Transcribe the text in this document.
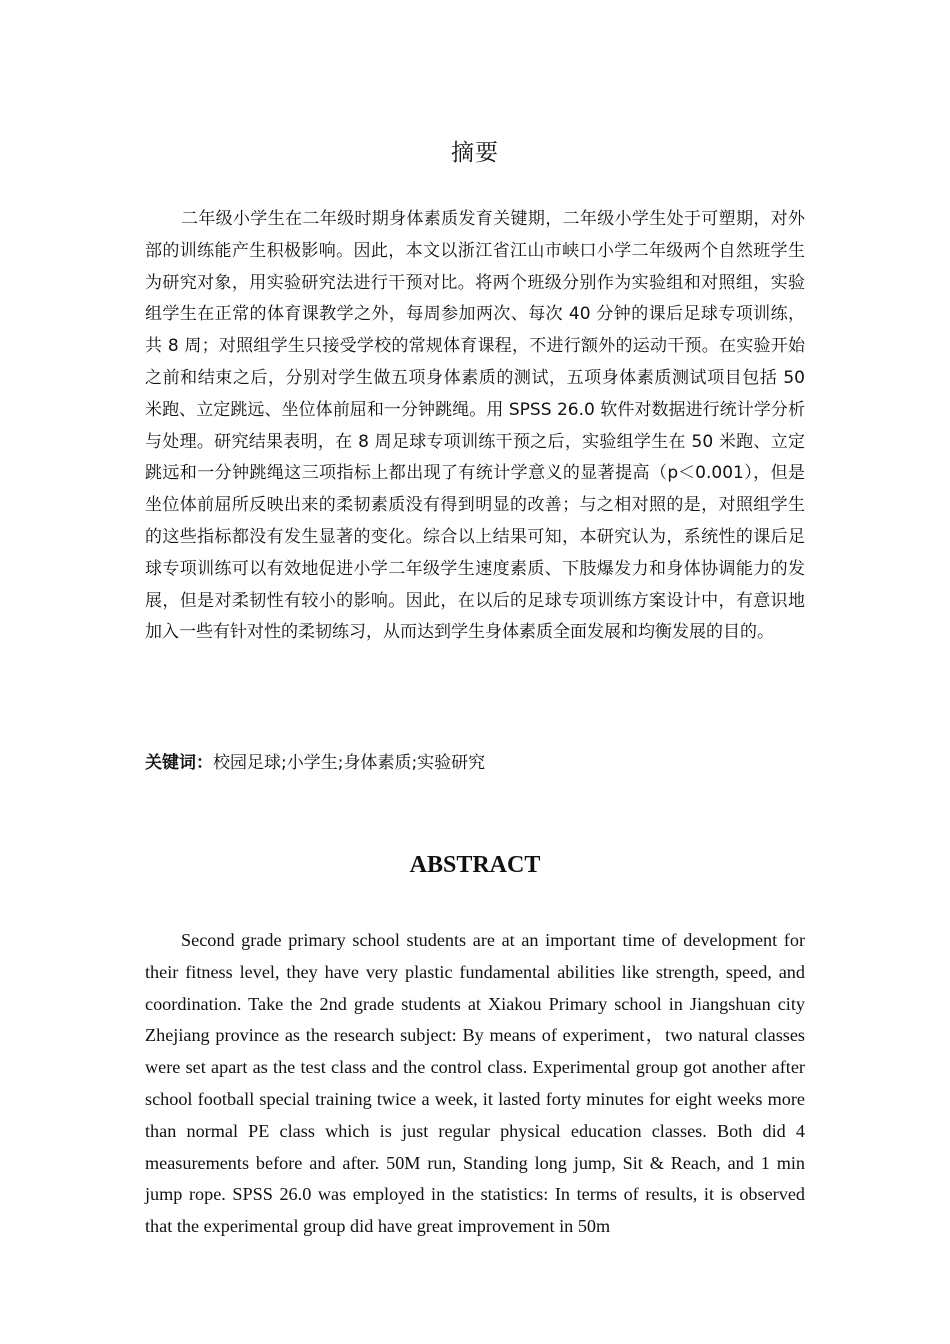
摘要

二年级小学生在二年级时期身体素质发育关键期，二年级小学生处于可塑期，对外部的训练能产生积极影响。因此，本文以浙江省江山市峡口小学二年级两个自然班学生为研究对象，用实验研究法进行干预对比。将两个班级分别作为实验组和对照组，实验组学生在正常的体育课教学之外，每周参加两次、每次 40 分钟的课后足球专项训练，共 8 周；对照组学生只接受学校的常规体育课程，不进行额外的运动干预。在实验开始之前和结束之后，分别对学生做五项身体素质的测试，五项身体素质测试项目包括 50 米跑、立定跳远、坐位体前屈和一分钟跳绳。用 SPSS 26.0 软件对数据进行统计学分析与处理。研究结果表明，在 8 周足球专项训练干预之后，实验组学生在 50 米跑、立定跳远和一分钟跳绳这三项指标上都出现了有统计学意义的显著提高（p＜0.001），但是坐位体前屈所反映出来的柔韧素质没有得到明显的改善；与之相对照的是，对照组学生的这些指标都没有发生显著的变化。综合以上结果可知，本研究认为，系统性的课后足球专项训练可以有效地促进小学二年级学生速度素质、下肢爆发力和身体协调能力的发展，但是对柔韧性有较小的影响。因此，在以后的足球专项训练方案设计中，有意识地加入一些有针对性的柔韧练习，从而达到学生身体素质全面发展和均衡发展的目的。

关键词：校园足球;小学生;身体素质;实验研究

ABSTRACT

Second grade primary school students are at an important time of development for their fitness level, they have very plastic fundamental abilities like strength, speed, and coordination. Take the 2nd grade students at Xiakou Primary school in Jiangshuan city Zhejiang province as the research subject: By means of experiment，two natural classes were set apart as the test class and the control class. Experimental group got another after school football special training twice a week, it lasted forty minutes for eight weeks more than normal PE class which is just regular physical education classes. Both did 4 measurements before and after. 50M run, Standing long jump, Sit & Reach, and 1 min jump rope. SPSS 26.0 was employed in the statistics: In terms of results, it is observed that the experimental group did have great improvement in 50m
